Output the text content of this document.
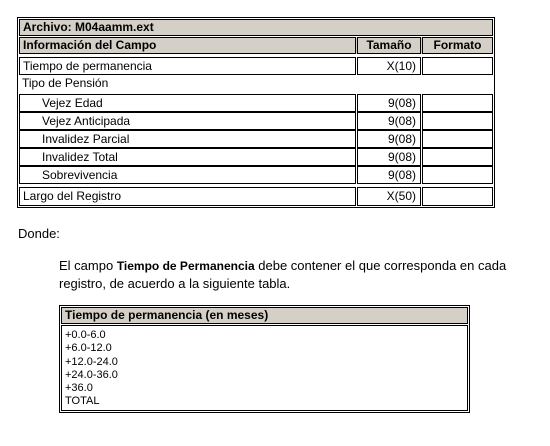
Archivo: M04aamm.ext
Información del Campo	Tamaño	Formato
Tiempo de permanencia	X(10)
Tipo de Pensión
Vejez Edad	9(08)
Vejez Anticipada	9(08)
Invalidez Parcial	9(08)
Invalidez Total	9(08)
Sobrevivencia	9(08)
Largo del Registro	X(50)
Donde:
El campo Tiempo de Permanencia debe contener el que corresponda en cada registro, de acuerdo a la siguiente tabla.
Tiempo de permanencia (en meses)
+0.0-6.0
+6.0-12.0
+12.0-24.0
+24.0-36.0
+36.0
TOTAL
